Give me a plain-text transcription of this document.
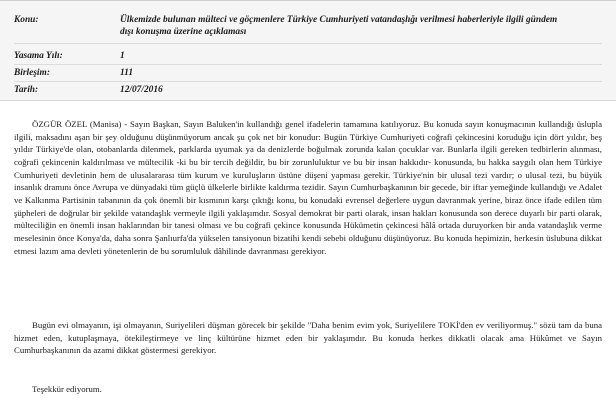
Konu:	Ülkemizde bulunan mülteci ve göçmenlere Türkiye Cumhuriyeti vatandaşlığı verilmesi haberleriyle ilgili gündem dışı konuşma üzerine açıklaması
Yasama Yılı:	1
Birleşim:	111
Tarih:	12/07/2016

ÖZGÜR ÖZEL (Manisa) - Sayın Başkan, Sayın Baluken'in kullandığı genel ifadelerin tamamına katılıyoruz. Bu konuda sayın konuşmacının kullandığı üslupla ilgili, maksadını aşan bir şey olduğunu düşünmüyorum ancak şu çok net bir konudur: Bugün Türkiye Cumhuriyeti coğrafi çekincesini koruduğu için dört yıldır, beş yıldır Türkiye'de olan, otobanlarda dilenmek, parklarda uyumak ya da denizlerde boğulmak zorunda kalan çocuklar var. Bunlarla ilgili gereken tedbirlerin alınması, coğrafi çekincenin kaldırılması ve mültecilik -ki bu bir tercih değildir, bu bir zorunluluktur ve bu bir insan hakkıdır- konusunda, bu hakka saygılı olan hem Türkiye Cumhuriyeti devletinin hem de ulusalararası tüm kurum ve kuruluşların üstüne düşeni yapması gerekir. Türkiye'nin bir ulusal tezi vardır; o ulusal tezi, bu büyük insanlık dramını önce Avrupa ve dünyadaki tüm güçlü ülkelerle birlikte kaldırma tezidir. Sayın Cumhurbaşkanının bir gecede, bir iftar yemeğinde kullandığı ve Adalet ve Kalkınma Partisinin tabanının da çok önemli bir kısmının karşı çıktığı konu, bu konudaki evrensel değerlere uygun davranmak yerine, biraz önce ifade edilen tüm şüpheleri de doğrular bir şekilde vatandaşlık vermeyle ilgili yaklaşımdır. Sosyal demokrat bir parti olarak, insan hakları konusunda son derece duyarlı bir parti olarak, mülteciliğin en önemli insan haklarından bir tanesi olması ve bu coğrafi çekince konusunda Hükümetin çekincesi hâlâ ortada duruyorken bir anda vatandaşlık verme meselesinin önce Konya'da, daha sonra Şanlıurfa'da yükselen tansiyonun bizatihi kendi sebebi olduğunu düşünüyoruz. Bu konuda hepimizin, herkesin üslubuna dikkat etmesi lazım ama devleti yönetenlerin de bu sorumluluk dâhilinde davranması gerekiyor.

Bugün evi olmayanın, işi olmayanın, Suriyelileri düşman görecek bir şekilde "Daha benim evim yok, Suriyelilere TOKİ'den ev veriliyormuş." sözü tam da buna hizmet eden, kutuplaşmaya, ötekileştirmeye ve linç kültürüne hizmet eden bir yaklaşımdır. Bu konuda herkes dikkatli olacak ama Hükûmet ve Sayın Cumhurbaşkanının da azami dikkat göstermesi gerekiyor.

Teşekkür ediyorum.
